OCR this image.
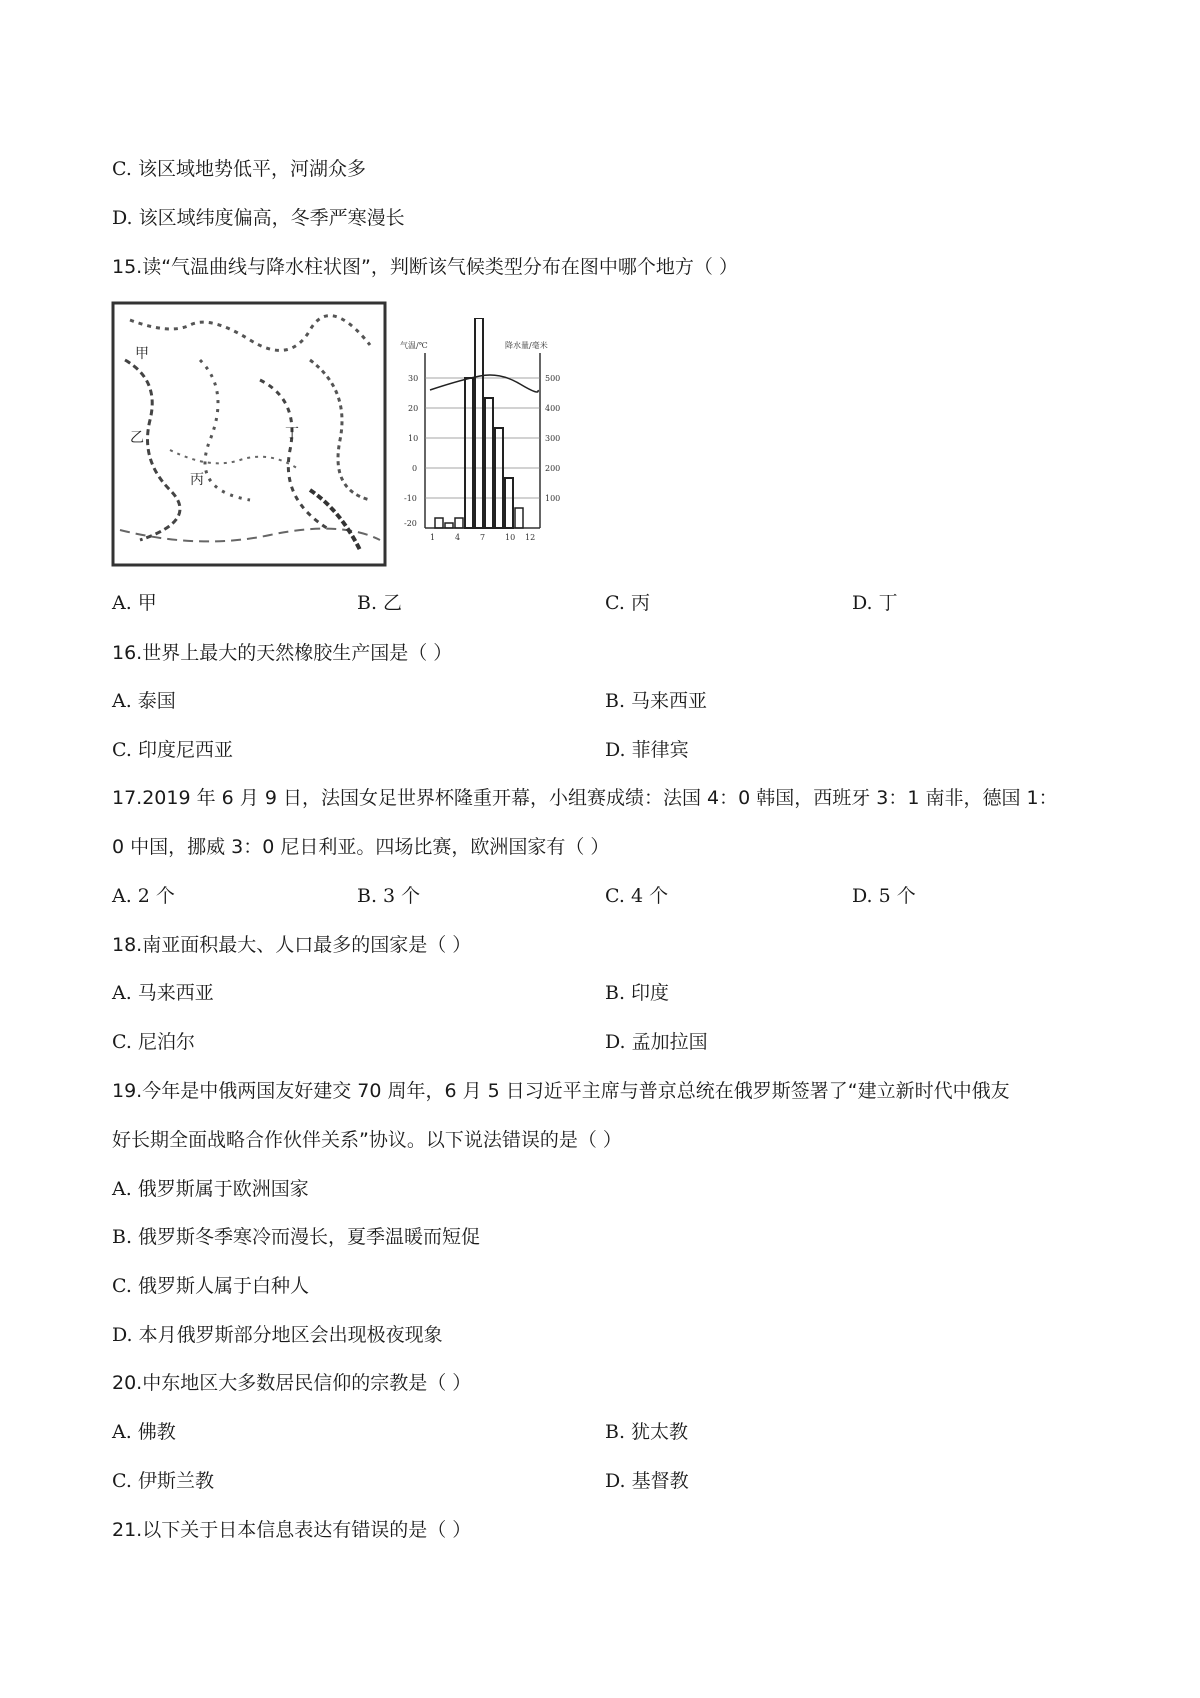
C. 该区域地势低平，河湖众多
D. 该区域纬度偏高，冬季严寒漫长
15.读“气温曲线与降水柱状图”，判断该气候类型分布在图中哪个地方（ ）
甲
乙
丙
丁
气温/℃	降水量/毫米
30
20
10
0
-10
-20
500
400
300
200
100
1 4 7 10 12
A. 甲	B. 乙	C. 丙	D. 丁
16.世界上最大的天然橡胶生产国是（ ）
A. 泰国	B. 马来西亚
C. 印度尼西亚	D. 菲律宾
17.2019 年 6 月 9 日，法国女足世界杯隆重开幕，小组赛成绩：法国 4：0 韩国，西班牙 3：1 南非，德国 1：
0 中国，挪威 3：0 尼日利亚。四场比赛，欧洲国家有（ ）
A. 2 个	B. 3 个	C. 4 个	D. 5 个
18.南亚面积最大、人口最多的国家是（ ）
A. 马来西亚	B. 印度
C. 尼泊尔	D. 孟加拉国
19.今年是中俄两国友好建交 70 周年，6 月 5 日习近平主席与普京总统在俄罗斯签署了“建立新时代中俄友
好长期全面战略合作伙伴关系”协议。以下说法错误的是（ ）
A. 俄罗斯属于欧洲国家
B. 俄罗斯冬季寒冷而漫长，夏季温暖而短促
C. 俄罗斯人属于白种人
D. 本月俄罗斯部分地区会出现极夜现象
20.中东地区大多数居民信仰的宗教是（ ）
A. 佛教	B. 犹太教
C. 伊斯兰教	D. 基督教
21.以下关于日本信息表达有错误的是（ ）
